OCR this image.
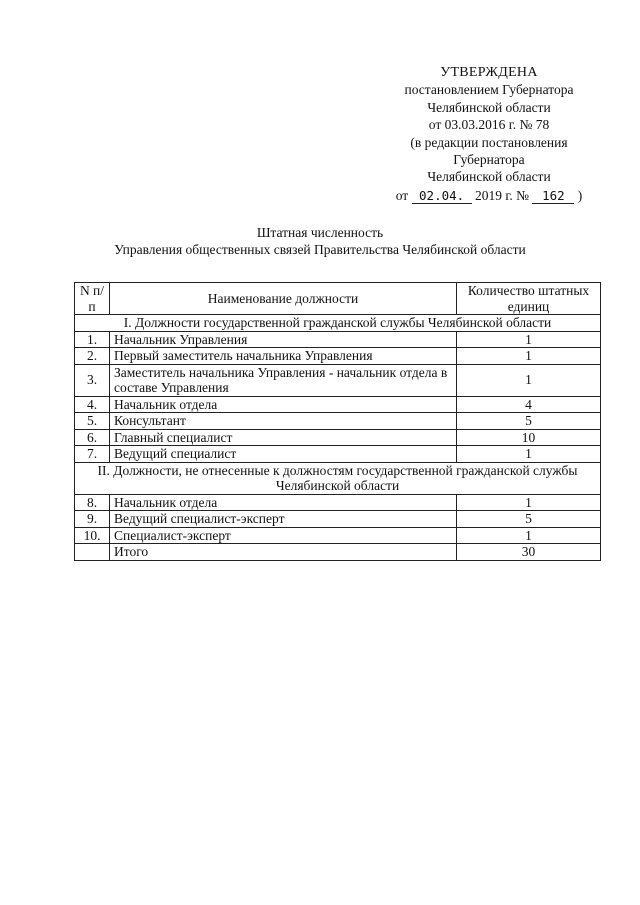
УТВЕРЖДЕНА
постановлением Губернатора
Челябинской области
от 03.03.2016 г. № 78
(в редакции постановления
Губернатора
Челябинской области
от 02.04. 2019 г. № 162 )
Штатная численность
Управления общественных связей Правительства Челябинской области
N п/п	Наименование должности	Количество штатных единиц
I. Должности государственной гражданской службы Челябинской области		
1.	Начальник Управления	1
2.	Первый заместитель начальника Управления	1
3.	Заместитель начальника Управления - начальник отдела в составе Управления	1
4.	Начальник отдела	4
5.	Консультант	5
6.	Главный специалист	10
7.	Ведущий специалист	1
II. Должности, не отнесенные к должностям государственной гражданской службы Челябинской области		
8.	Начальник отдела	1
9.	Ведущий специалист-эксперт	5
10.	Специалист-эксперт	1
	Итого	30
